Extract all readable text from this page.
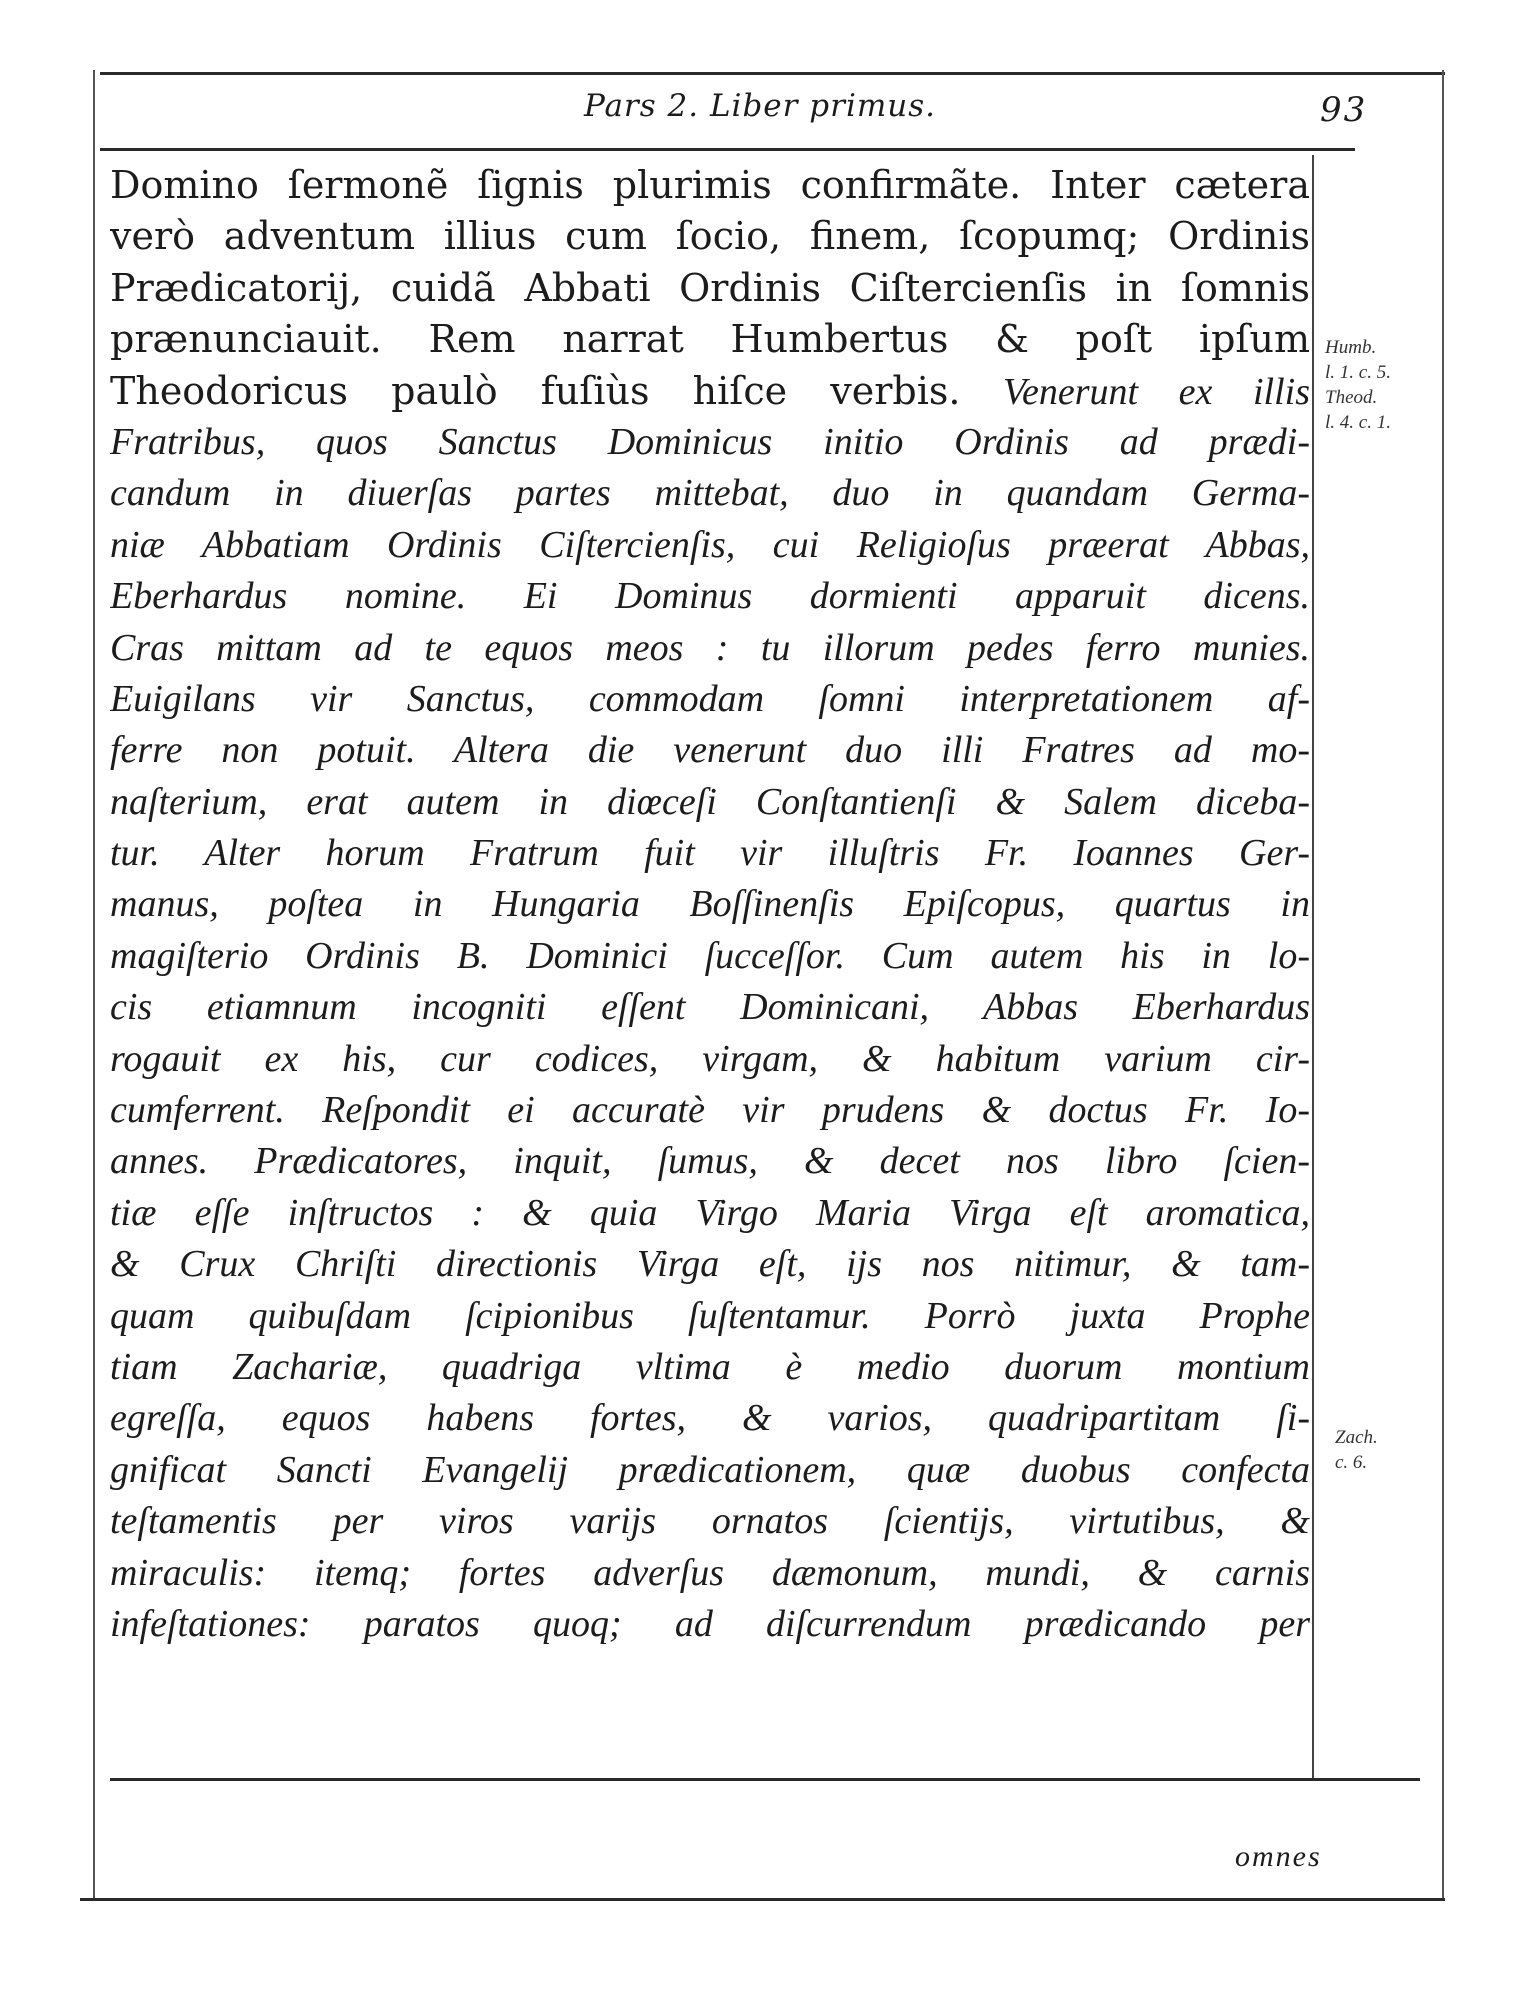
Pars 2. Liber primus.	93
Domino ſermonẽ ſignis plurimis confirmãte. Inter cætera
verò adventum illius cum ſocio, finem, ſcopumq; Ordinis
Prædicatorij, cuidã Abbati Ordinis Ciſtercienſis in ſomnis
prænunciauit. Rem narrat Humbertus & poſt ipſum
Theodoricus paulò fuſiùs hiſce verbis. Venerunt ex illis
Fratribus, quos Sanctus Dominicus initio Ordinis ad prædi-
candum in diuerſas partes mittebat, duo in quandam Germa-
niæ Abbatiam Ordinis Ciſtercienſis, cui Religioſus præerat Abbas,
Eberhardus nomine. Ei Dominus dormienti apparuit dicens.
Cras mittam ad te equos meos : tu illorum pedes ferro munies.
Euigilans vir Sanctus, commodam ſomni interpretationem af-
ferre non potuit. Altera die venerunt duo illi Fratres ad mo-
naſterium, erat autem in diœceſi Conſtantienſi & Salem diceba-
tur. Alter horum Fratrum fuit vir illuſtris Fr. Ioannes Ger-
manus, poſtea in Hungaria Boſſinenſis Epiſcopus, quartus in
magiſterio Ordinis B. Dominici ſucceſſor. Cum autem his in lo-
cis etiamnum incogniti eſſent Dominicani, Abbas Eberhardus
rogauit ex his, cur codices, virgam, & habitum varium cir-
cumferrent. Reſpondit ei accuratè vir prudens & doctus Fr. Io-
annes. Prædicatores, inquit, ſumus, & decet nos libro ſcien-
tiæ eſſe inſtructos : & quia Virgo Maria Virga eſt aromatica,
& Crux Chriſti directionis Virga eſt, ijs nos nitimur, & tam-
quam quibuſdam ſcipionibus ſuſtentamur. Porrò juxta Prophe
tiam Zachariæ, quadriga vltima è medio duorum montium
egreſſa, equos habens fortes, & varios, quadripartitam ſi-
gnificat Sancti Evangelij prædicationem, quæ duobus confecta
teſtamentis per viros varijs ornatos ſcientijs, virtutibus, &
miraculis: itemq; fortes adverſus dæmonum, mundi, & carnis
infeſtationes: paratos quoq; ad diſcurrendum prædicando per
Humb.
l. 1. c. 5.
Theod.
l. 4. c. 1.
Zach.
c. 6.
omnes
